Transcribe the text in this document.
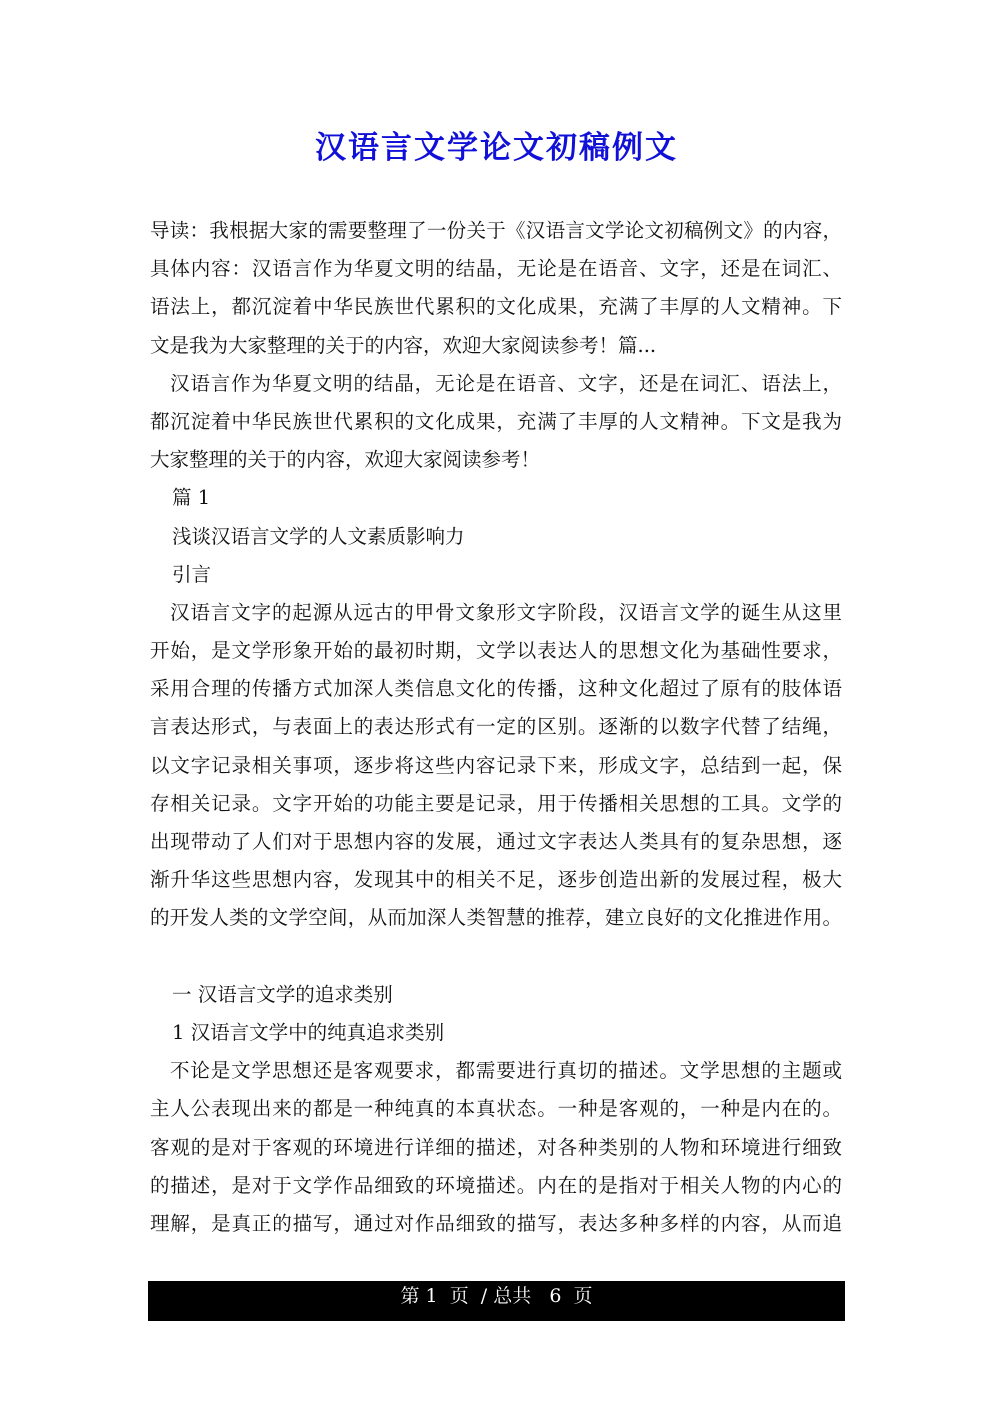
汉语言文学论文初稿例文
导读：我根据大家的需要整理了一份关于《汉语言文学论文初稿例文》的内容，
具体内容：汉语言作为华夏文明的结晶，无论是在语音、文字，还是在词汇、
语法上，都沉淀着中华民族世代累积的文化成果，充满了丰厚的人文精神。下
文是我为大家整理的关于的内容，欢迎大家阅读参考！篇...
汉语言作为华夏文明的结晶，无论是在语音、文字，还是在词汇、语法上，
都沉淀着中华民族世代累积的文化成果，充满了丰厚的人文精神。下文是我为
大家整理的关于的内容，欢迎大家阅读参考！
篇 1
浅谈汉语言文学的人文素质影响力
引言
汉语言文字的起源从远古的甲骨文象形文字阶段，汉语言文学的诞生从这里
开始，是文学形象开始的最初时期，文学以表达人的思想文化为基础性要求，
采用合理的传播方式加深人类信息文化的传播，这种文化超过了原有的肢体语
言表达形式，与表面上的表达形式有一定的区别。逐渐的以数字代替了结绳，
以文字记录相关事项，逐步将这些内容记录下来，形成文字，总结到一起，保
存相关记录。文字开始的功能主要是记录，用于传播相关思想的工具。文学的
出现带动了人们对于思想内容的发展，通过文字表达人类具有的复杂思想，逐
渐升华这些思想内容，发现其中的相关不足，逐步创造出新的发展过程，极大
的开发人类的文学空间，从而加深人类智慧的推荐，建立良好的文化推进作用。
一 汉语言文学的追求类别
1 汉语言文学中的纯真追求类别
不论是文学思想还是客观要求，都需要进行真切的描述。文学思想的主题或
主人公表现出来的都是一种纯真的本真状态。一种是客观的，一种是内在的。
客观的是对于客观的环境进行详细的描述，对各种类别的人物和环境进行细致
的描述，是对于文学作品细致的环境描述。内在的是指对于相关人物的内心的
理解，是真正的描写，通过对作品细致的描写，表达多种多样的内容，从而追
第 1  页  / 总共   6  页
